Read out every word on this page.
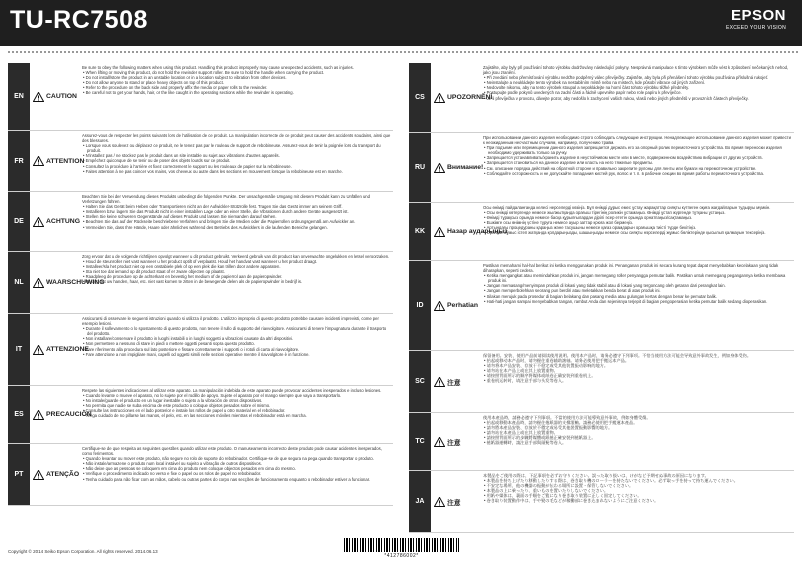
TU-RC7508	EPSON
EXCEED YOUR VISION
EN	CAUTION
Be sure to obey the following matters when using this product. Handling this product improperly may cause unexpected accidents, such as injuries.
• When lifting or moving this product, do not hold the rewinder support roller. Be sure to hold the handle when carrying the product.
• Do not install/store the product in an unstable location or in a location subject to vibration from other devices.
• Do not allow anyone to stand or place heavy objects on top of this product.
• Refer to the procedure on the back side and properly affix the media or paper rolls to the rewinder.
• Be careful not to get your hands, hair, or the like caught in the operating sections while the rewinder is operating.
FR	ATTENTION
Assurez-vous de respecter les points suivants lors de l'utilisation de ce produit. La manipulation incorrecte de ce produit peut causer des accidents soudains, ainsi que des blessures.
• Lorsque vous soulevez ou déplacez ce produit, ne le tenez pas par le rouleau de support de rebobineuse. Assurez-vous de tenir la poignée lors du transport du produit.
• N'installez pas / ne stockez pas le produit dans un site instable ou sujet aux vibrations d'autres appareils.
• Empêchez quiconque de se tenir ou de poser des objets lourds sur ce produit.
• Consultez la procédure à l'arrière et fixez correctement le support ou les rouleaux de papier sur la rebobineuse.
• Faites attention à ne pas coincer vos mains, vos cheveux ou autre dans les sections en mouvement lorsque la rebobineuse est en marche.
DE	ACHTUNG
Beachten Sie bei der Verwendung dieses Produkts unbedingt die folgenden Punkte. Der unsachgemäße Umgang mit diesem Produkt kann zu Unfällen und Verletzungen führen.
• Halten Sie das Gerät beim Heben oder Transportieren nicht an der Aufwickler-Stützrolle fest. Tragen Sie das Gerät immer am seinem Griff.
• Installieren bzw. lagern Sie das Produkt nicht in einer instabilen Lage oder an einer Stelle, die Vibrationen durch andere Geräte ausgesetzt ist.
• Stellen Sie keine schweren Gegenstände auf dieses Produkt und lassen Sie niemanden darauf stehen.
• Beachten Sie das auf der Rückseite beschriebene Verfahren und bringen Sie die Medien oder die Papierrollen ordnungsgemäß am Aufwickler an.
• Vermeiden Sie, dass Ihre Hände, Haare oder ähnliches während des Betriebs des Aufwicklers in die laufenden Bereiche gelangen.
NL	WAARSCHUWING
Zorg ervoor dat u de volgende richtlijnen opvolgt wanneer u dit product gebruikt. Verkeerd gebruik van dit product kan onverwachte ongelukken en letsel veroorzaken.
• Houd de steunroller niet vast wanneer u het product optilt of verplaatst. Houd het handvat vast wanneer u het product draagt.
• Installeer/sla het product niet op een onstabiele plek of op een plek die kan trillen door andere apparaten.
• Sta niet toe dat iemand op dit product staat of er zware objecten op plaatst.
• Raadpleeg de procedure op de achterkant en bevestig het medium of de papierrol aan de papieropwinder.
• Pas op dat uw handen, haar, etc. niet vast komen te zitten in de bewegende delen als de papieropwinder in bedrijf is.
IT	ATTENZIONE
Assicurarsi di osservare le seguenti istruzioni quando si utilizza il prodotto. L'utilizzo improprio di questo prodotto potrebbe causare incidenti imprevisti, come per esempio lesioni.
• Durante il sollevamento o lo spostamento di questo prodotto, non tenere il rullo di supporto del riavvolgitore. Assicurarsi di tenere l'impugnatura durante il trasporto del prodotto.
• Non installare/conservare il prodotto in luoghi instabili o in luoghi soggetti a vibrazioni causate da altri dispositivi.
• Non permettere a nessuno di stare in piedi o mettere oggetti pesanti sopra questo prodotto.
• Fare riferimento alla procedura sul lato posteriore e fissare correttamente i supporti o i rotoli di carta al riavvolgitore.
• Fare attenzione a non impigliare mani, capelli od oggetti simili nelle sezioni operative mentre il riavvolgitore è in funzione.
ES	PRECAUCIÓN
Respete las siguientes indicaciones al utilizar este aparato. La manipulación indebida de este aparato puede provocar accidentes inesperados e incluso lesiones.
• Cuando levante o mueve el aparato, no lo sujete por el rodillo de apoyo. Sujete el aparato por el mango siempre que vaya a transportarlo.
• No instale/guarde el producto en un lugar inestable o sujeto a la vibración de otros dispositivos.
• No permita que nadie se suba encima de este producto o coloque objetos pesados sobre el mismo.
• Consulte las instrucciones en el lado posterior e instale los rollos de papel u otro material en el rebobinador.
• Tenga cuidado de no pillarse las manos, el pelo, etc. en las secciones móviles mientras el rebobinador está en marcha.
PT	ATENÇÃO
Certifique-se de que respeita as seguintes questões quando utilizar este produto. O manuseamento incorrecto deste produto pode causar acidentes inesperados, como ferimentos.
• Quando levantar ou mover este produto, não segure no rolo de suporte do rebobinador. Certifique-se de que segura na pega quando transportar o produto.
• Não instale/armazene o produto num local instável ou sujeito a vibração de outros dispositivos.
• Não deixe que as pessoas se coloquem em cima do produto nem coloque objectos pesados em cima do mesmo.
• Verifique o procedimento indicado no verso e fixe o papel ou os rolos de papel no rebobinador.
• Tenha cuidado para não ficar com as mãos, cabelo ou outras partes do corpo nas secções de funcionamento enquanto o rebobinador estiver a funcionar.
CS	UPOZORNĚNÍ
Zajistěte, aby byly při používání tohoto výrobku dodržovány následující pokyny. Nesprávná manipulace s tímto výrobkem může vést k způsobení nečekaných nehod, jako jsou zranění.
• Při zvedání nebo přemísťování výrobku nedržte podpěrný válec převíječky. Zajistěte, aby byla při přenášení tohoto výrobku používána příslušná rukojeť.
• Neinstalujte a neukládejte tento výrobek na nestabilním místě nebo na místech, kde působí vibrace od jiných zařízení.
• Nedovolte nikomu, aby na tento výrobek stoupal a nepokládejte na horní část tohoto výrobku těžké předměty.
• Postupujte podle pokynů uvedených na zadní části a řádně upevněte papír nebo role papíru k převíječce.
• Je-li převíječka v provozu, dávejte pozor, aby nedošlo k zachycení vašich rukou, vlasů nebo jiných předmětů v provozních částech převíječky.
RU	Внимание!
При использовании данного изделия необходимо строго соблюдать следующие инструкции. Ненадлежащее использование данного изделия может привести к неожиданным несчастным случаям, например, получению травм.
• При подъеме или перемещении данного изделия запрещается держать его за опорный ролик перемоточного устройства. Во время переноски изделия необходимо удерживать только за ручку.
• Запрещается устанавливать/хранить изделие в неустойчивом месте или в месте, подверженном воздействию вибрации от других устройств.
• Запрещается становиться на данное изделие или класть на него тяжелые предметы.
• См. описание порядка действий на обратной стороне и правильно закрепите рулоны для ленты или бумаги на перемоточном устройстве.
• Соблюдайте осторожность и не допускайте попадания кистей рук, волос и т. п. в рабочие секции во время работы перемоточного устройства.
KK	Назар аударыңыз
Осы өнімді пайдаланғанда келесі нерселерді көзіңіз. Бұл өнімді дұрыс емес ұстау жарақаттар сияқты күтпеген оқиға жағдайларын тудыруы мүмкін.
• Осы өнімді көтергенде немесе жылжытқанда орағыш тірегінің роликін ұстамаңыз. Өнімді ұстап жүргенде тұтқаны ұстаңыз.
• Өнімді тұрақсыз орында немесе басқа құрылғылардан дірілі әсер ететін орында орнатпаңыз/сақтамаңыз.
• Ешкімге осы өнімнің үстіне тұруға немесе ауыр заттар қоюға жол бермеңіз.
• Артындағы процедураны қараңыз және тасушыны немесе қағаз орамдарын орағышқа тиісті түрде бекітіңіз.
• Орағыш жұмыс істеп жатқанда қолдарыңызды, шашыңызды немесе осы сияқты нәрселерді жұмыс бөліктерінде қысылып қалмауын тексеріңіз.
ID	Perhatian
Pastikan memahami hal-hal berikut ini ketika menggunakan produk ini. Penanganan produk ini secara kurang tepat dapat menyebabkan kecelakaan yang tidak diharapkan, seperti cedera.
• Ketika mengangkat atau memindahkan produk ini, jangan memegang roller penyangga pemutar balik. Pastikan untuk memegang pegangannya ketika membawa produk ini.
• Jangan memasang/menyimpan produk di lokasi yang tidak stabil atau di lokasi yang tergoncang oleh getaran dari perangkat lain.
• Jangan memperbolehkan seorang pun berdiri atau meletakkan benda berat di atas produk ini.
• Silakan merujuk pada prosedur di bagian belakang dan pasang media atau gulungan kertas dengan benar ke pemutar balik.
• Hati-hati jangan sampai menyebabkan tangan, rambut Anda dan sejenisnya terjepit di bagian pengoperasian ketika pemutar balik sedang dioperasikan.
SC	注意
保留备用。安装、使用产品前请阅读使用说明。使用本产品时，请务必遵守下列事项。不恰当使用方法可能会导致意外事故发生，例如身体受伤。
• 抬起或移动本产品时，请勿握住重卷辅助滚轴。请务必使用把手搬运本产品。
• 请勿将本产品安装、存放于不稳定或受其他装置振动影响的地方。
• 请勿站在本产品上或在其上放置重物。
• 请按照背面所示的顺序将媒体或纸卷正确安装到重卷机上。
• 重卷机运转时，请注意手部与头发等卷入。
TC	注意
使用本產品時，請務必遵守下列事項。不當的使用方法可能導致意外事故，例如身體受傷。
• 抬起或移動本產品時，請勿握住捲紙器的支撐滾軸。請務必使用把手搬運本產品。
• 請勿將本產品安裝、存放於不穩定或易受其他裝置振動影響的地方。
• 請勿站在本產品上或在其上放置重物。
• 請按照背面所示的步驟將媒體或紙捲正確安裝到捲紙器上。
• 捲紙器運轉時，請注意手部與頭髮等卷入。
JA	注意
本製品をご使用の際は、下記事項を必ずお守りください。誤った取り扱いは、けがなど予期せぬ事故の原因になります。
• 本製品を持ち上げたり移動したりする際は、巻き取り機のローラーを持たないでください。必ず取っ手を持って持ち運んでください。
• 不安定な場所、他の機器の振動が伝わる場所に設置・保管しないでください。
• 本製品の上に乗ったり、重いものを置いたりしないでください。
• 用紙や媒体は、裏面の手順をご覧になり巻き取り装置に正しく固定してください。
• 巻き取り装置動作中は、手や髪の毛などが稼働部に巻き込まれないようにご注意ください。
Copyright © 2014 Seiko Epson Corporation. All rights reserved. 2014.06.13
*412786002*
